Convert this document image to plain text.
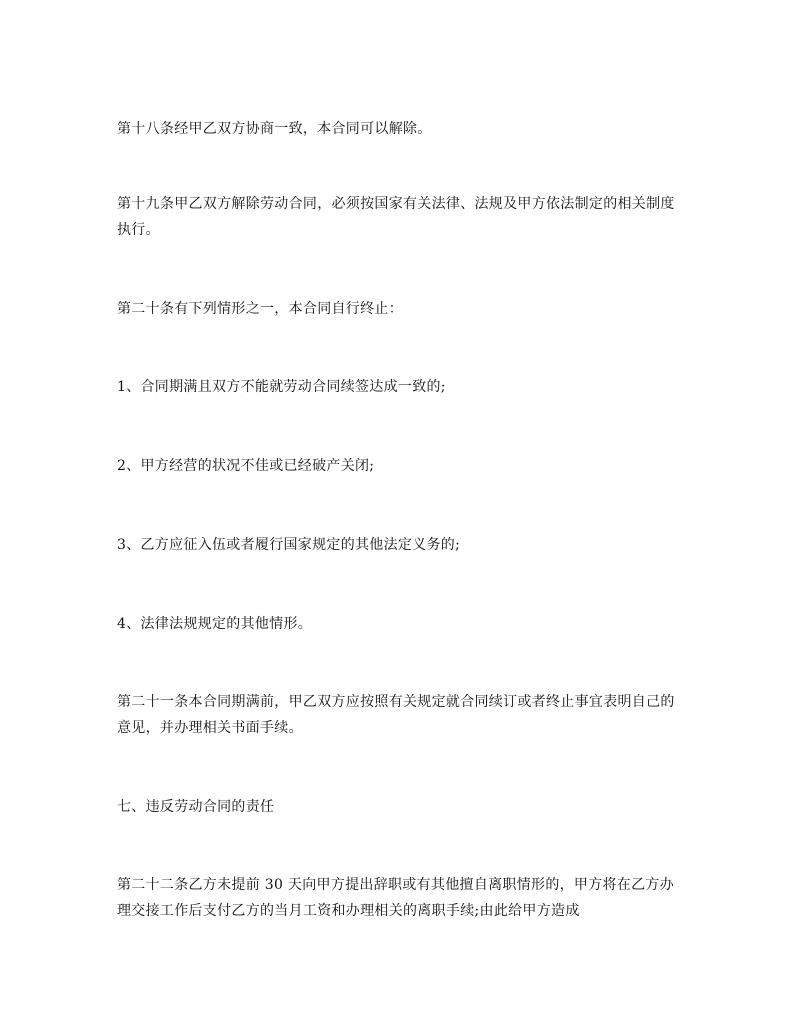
第十八条经甲乙双方协商一致，本合同可以解除。

第十九条甲乙双方解除劳动合同，必须按国家有关法律、法规及甲方依法制定的相关制度执行。

第二十条有下列情形之一，本合同自行终止：

1、合同期满且双方不能就劳动合同续签达成一致的;

2、甲方经营的状况不佳或已经破产关闭;

3、乙方应征入伍或者履行国家规定的其他法定义务的;

4、法律法规规定的其他情形。

第二十一条本合同期满前，甲乙双方应按照有关规定就合同续订或者终止事宜表明自己的意见，并办理相关书面手续。

七、违反劳动合同的责任

第二十二条乙方未提前 30 天向甲方提出辞职或有其他擅自离职情形的，甲方将在乙方办理交接工作后支付乙方的当月工资和办理相关的离职手续;由此给甲方造成
